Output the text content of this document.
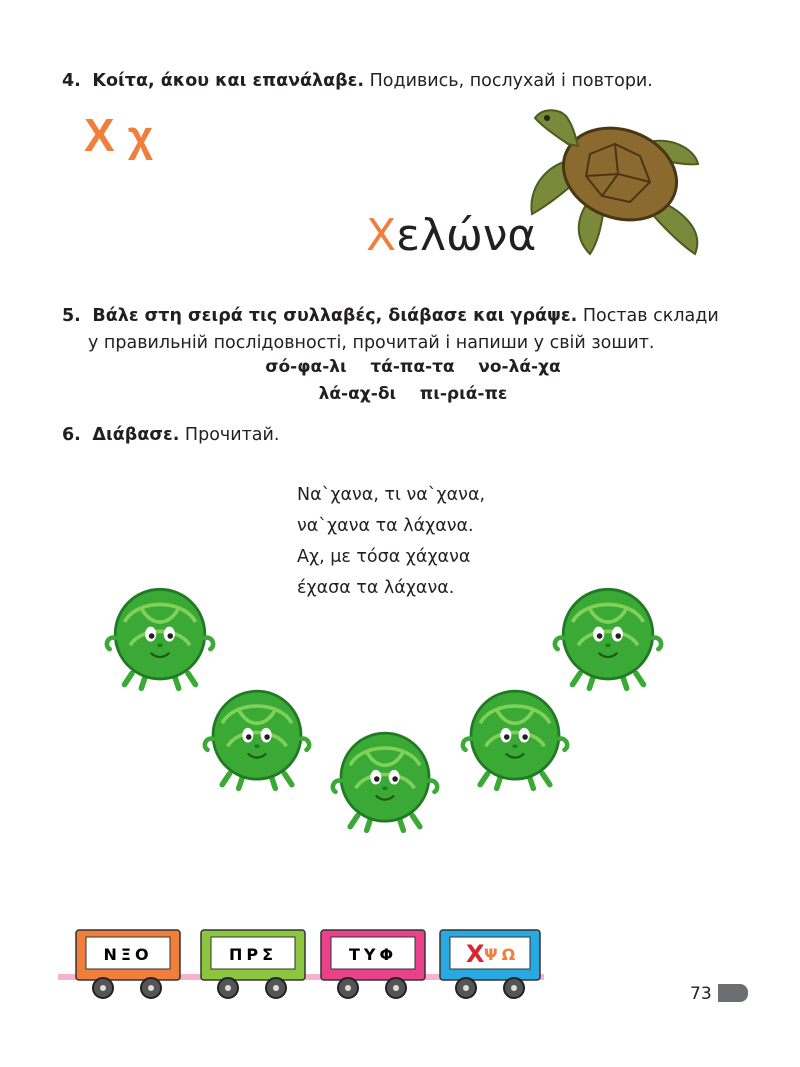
4. Κοίτα, άκου και επανάλαβε. Подивись, послухай і повтори.
Χ χ
Χελώνα
5. Βάλε στη σειρά τις συλλαβές, διάβασε και γράψε. Постав склади
у правильній послідовності, прочитай і напиши у свій зошит.
σό-φα-λι    τά-πα-τα    νο-λά-χα
λά-αχ-δι    πι-ριά-πε
6. Διάβασε. Прочитай.
Να`χανα, τι να`χανα,
να`χανα τα λάχανα.
Αχ, με τόσα χάχανα
έχασα τα λάχανα.
ΝΞΟ	ΠΡΣ	ΤΥΦ	Χ ΨΩ
73
